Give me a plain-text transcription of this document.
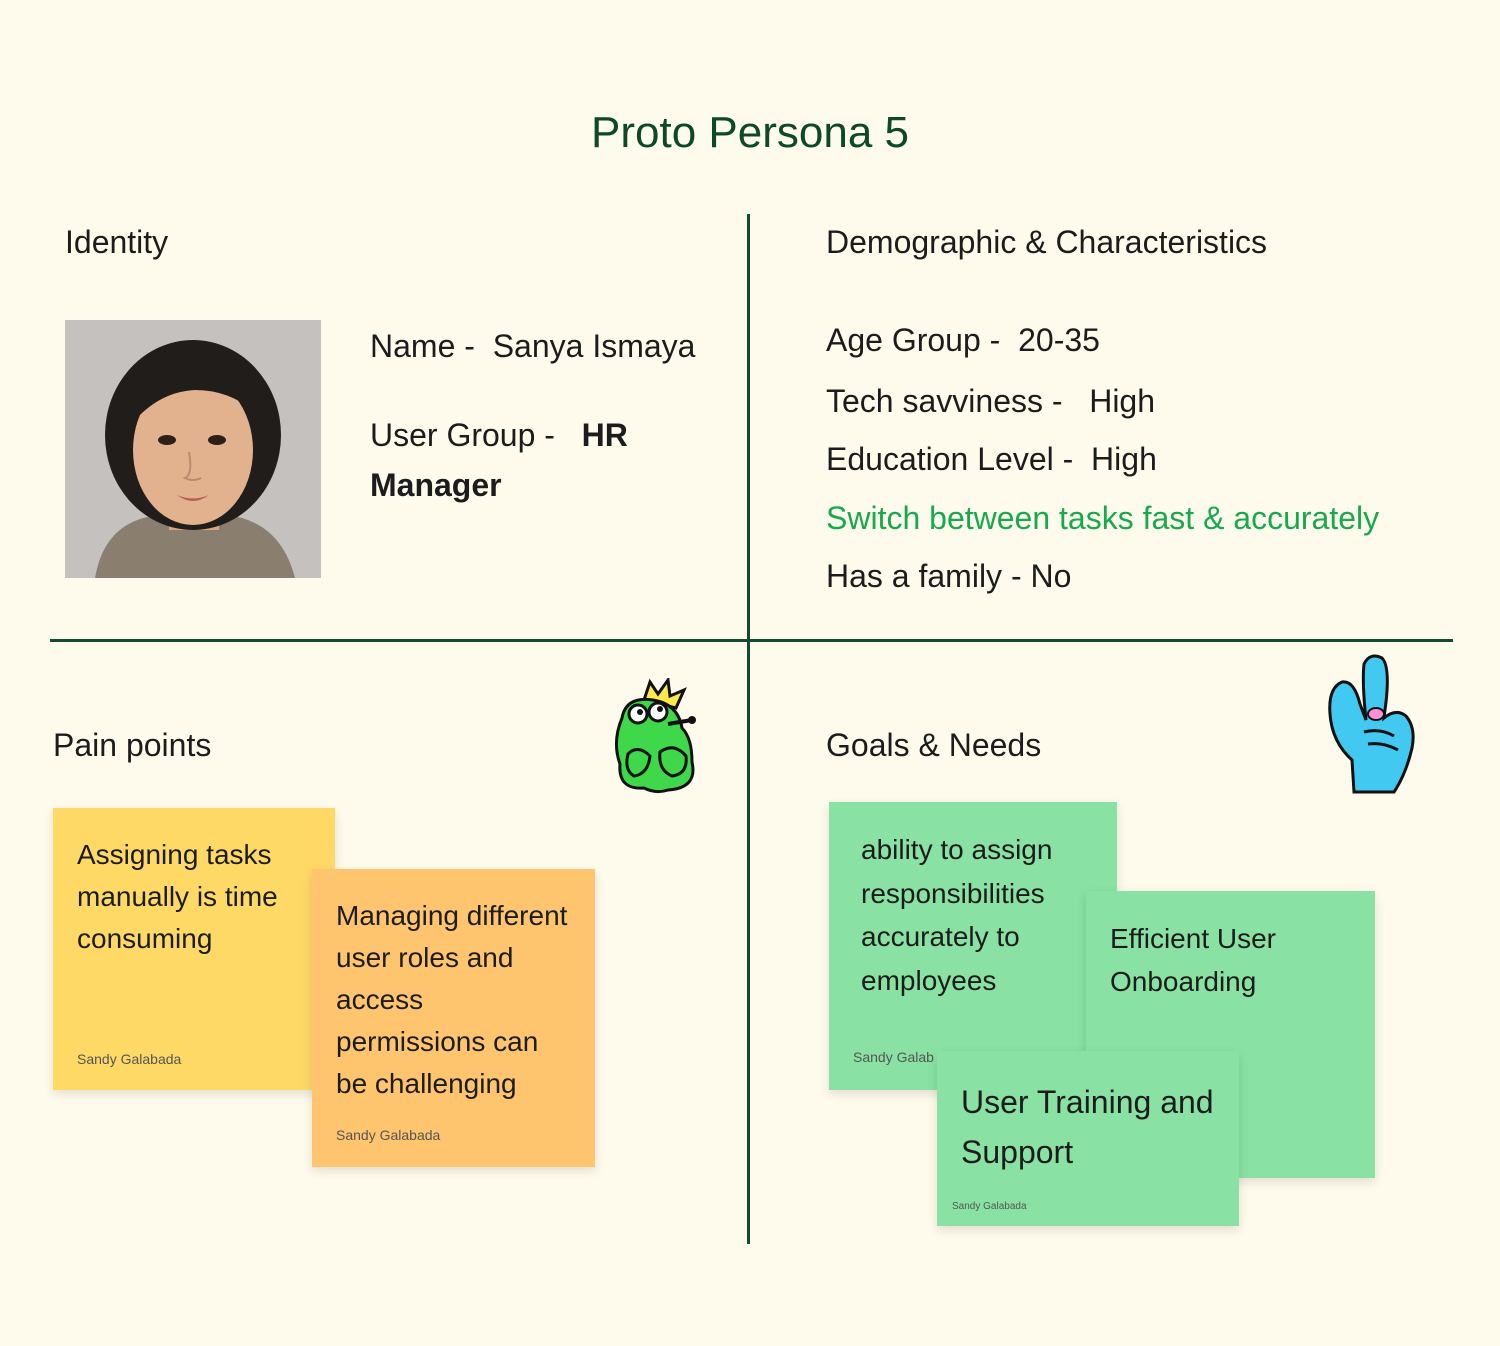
Proto Persona 5
Identity
Name - Sanya Ismaya
User Group - HR
Manager
Demographic & Characteristics
Age Group - 20-35
Tech savviness - High
Education Level - High
Switch between tasks fast & accurately
Has a family - No
Pain points
Assigning tasks manually is time consuming
Sandy Galabada
Managing different user roles and access permissions can be challenging
Sandy Galabada
Goals & Needs
ability to assign responsibilities accurately to employees
Sandy Galab
Efficient User Onboarding
User Training and Support
Sandy Galabada
